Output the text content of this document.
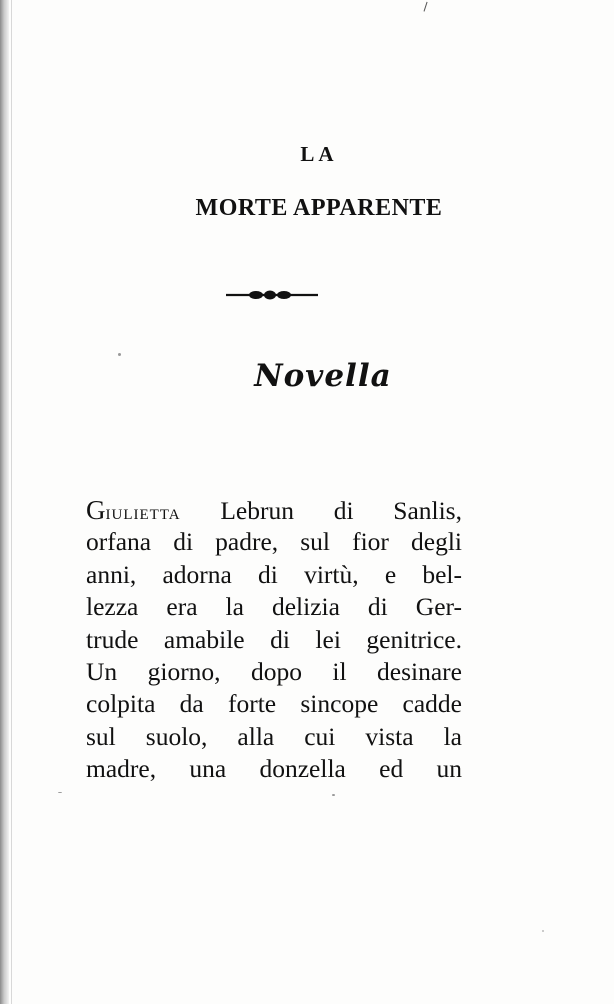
LA
MORTE APPARENTE
Novella
GIULIETTA Lebrun di Sanlis,
orfana di padre, sul fior degli
anni, adorna di virtù, e bel-
lezza era la delizia di Ger-
trude amabile di lei genitrice.
Un giorno, dopo il desinare
colpita da forte sincope cadde
sul suolo, alla cui vista la
madre, una donzella ed un
